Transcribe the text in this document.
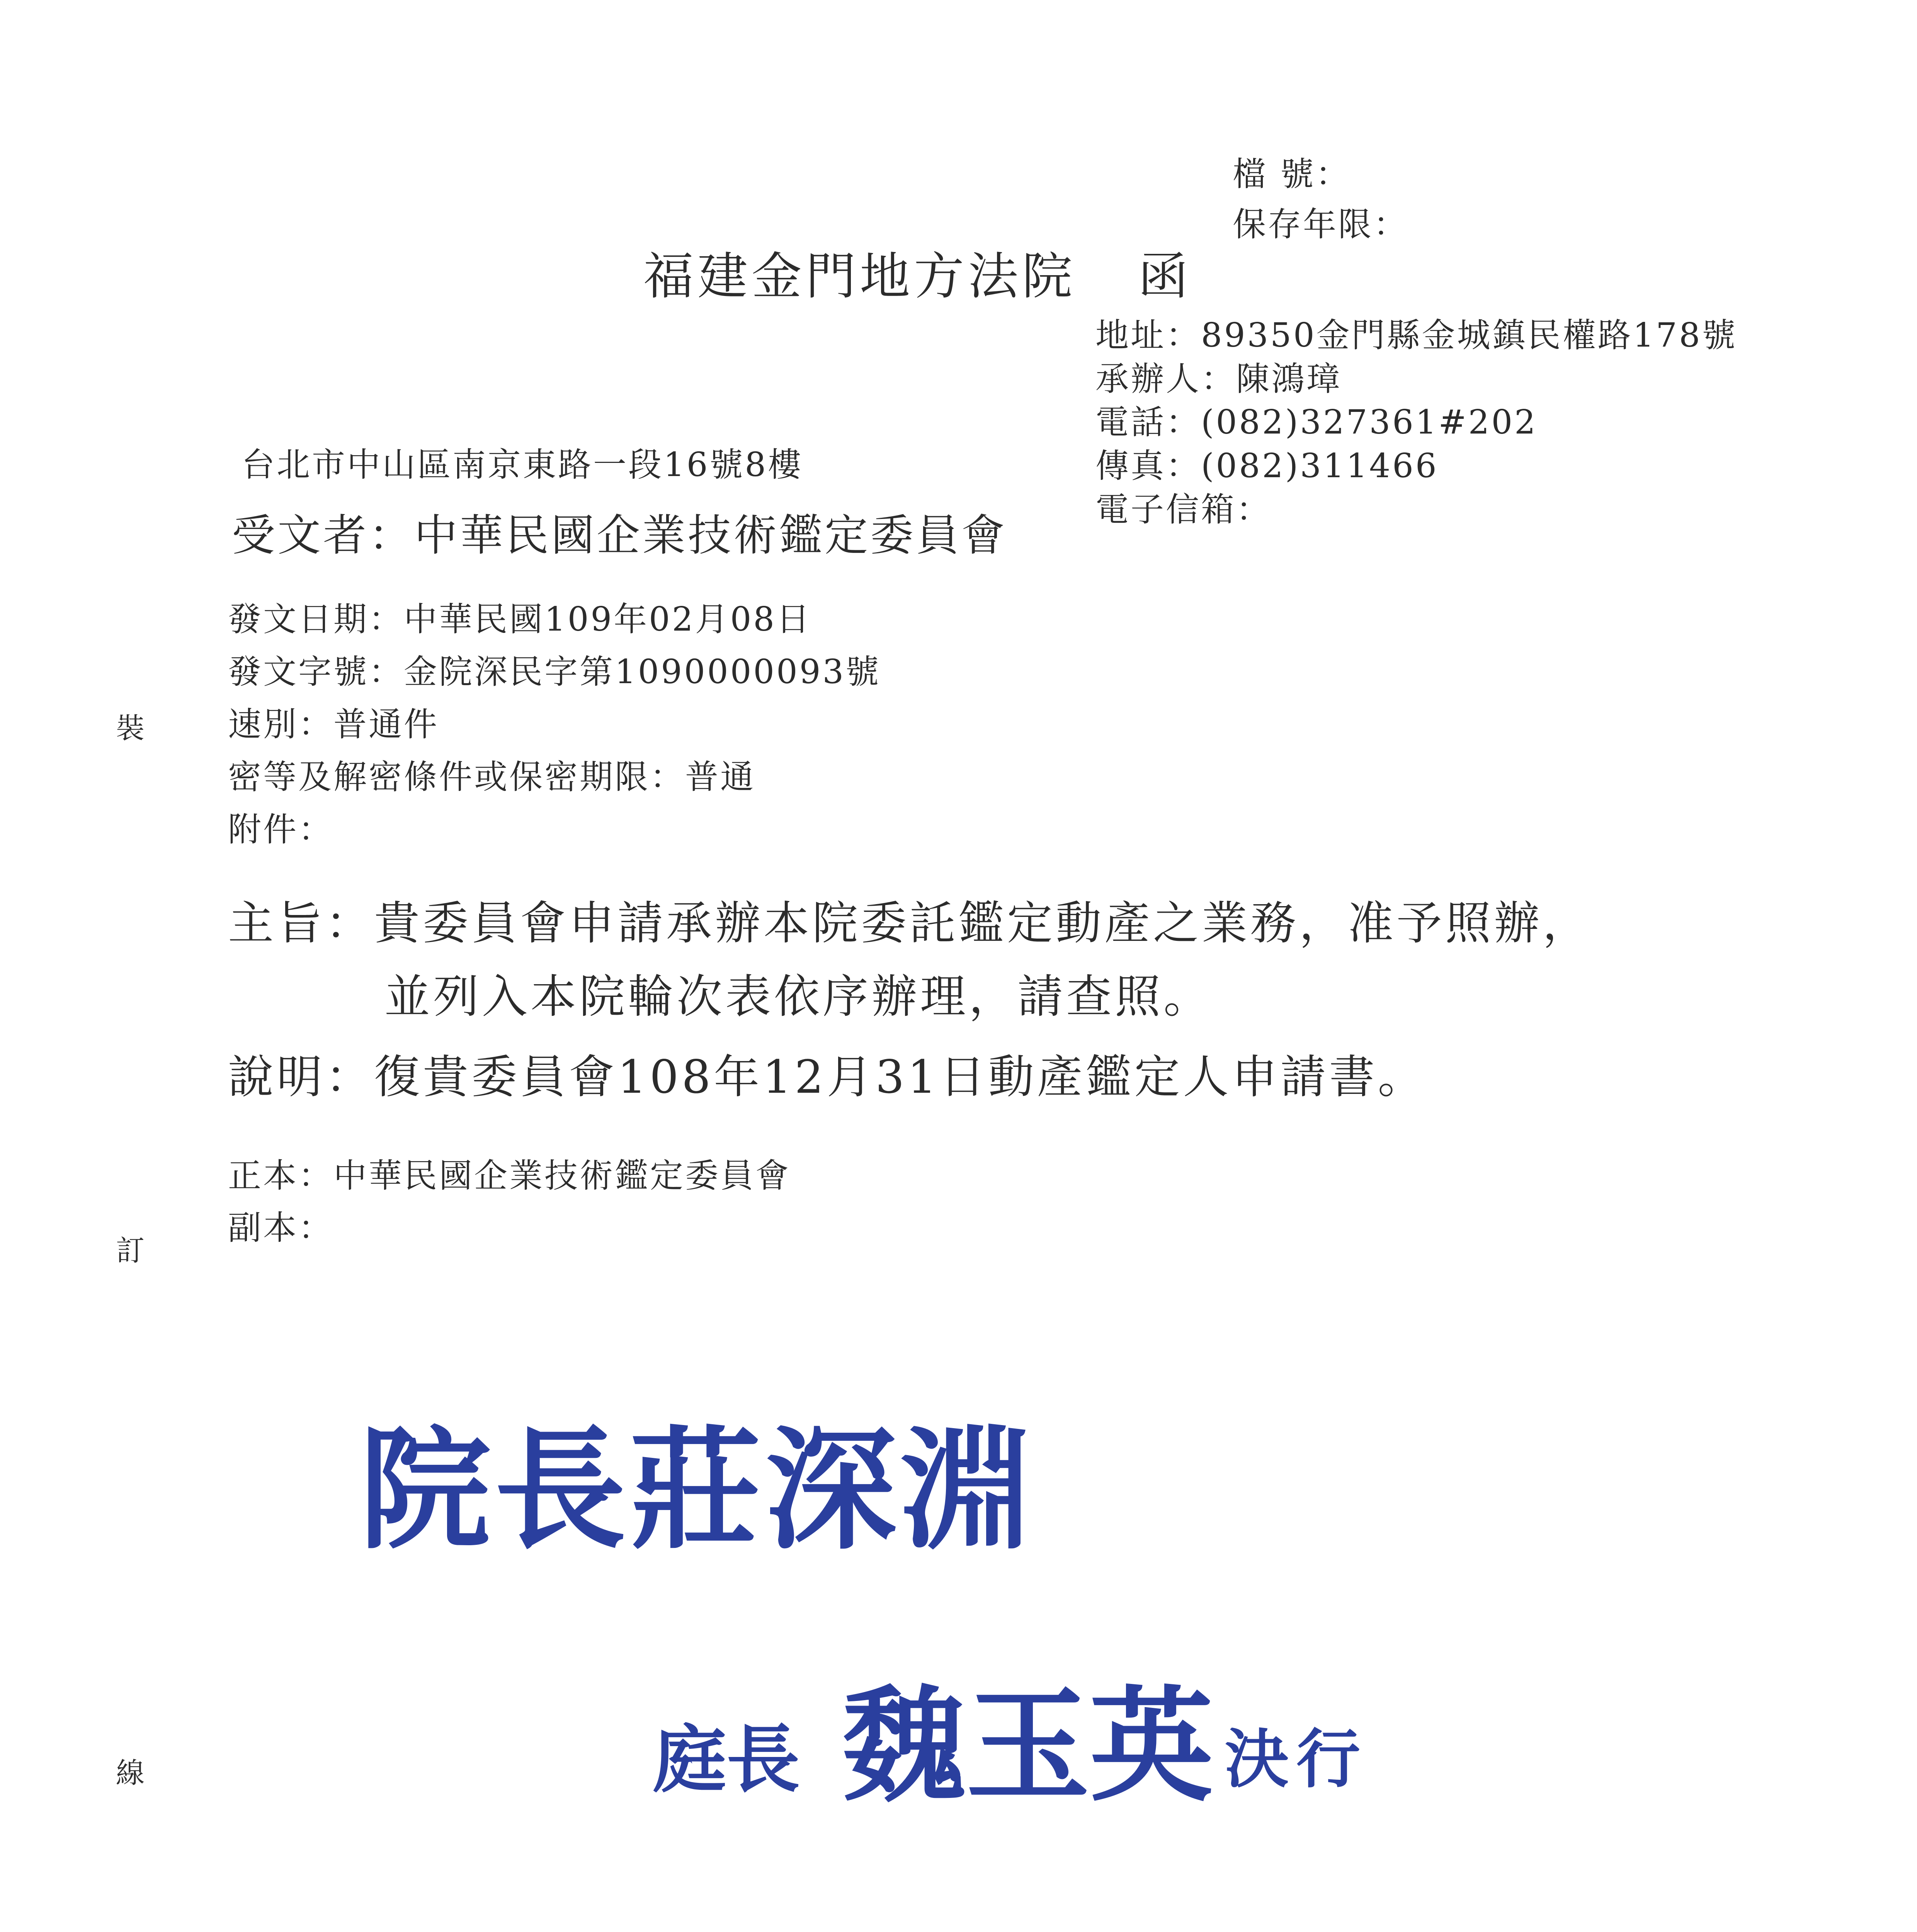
檔 號：
保存年限：
福建金門地方法院 函
地址：89350金門縣金城鎮民權路178號
承辦人：陳鴻璋
電話：(082)327361#202
傳真：(082)311466
電子信箱：
台北市中山區南京東路一段16號8樓
受文者：中華民國企業技術鑑定委員會
發文日期：中華民國109年02月08日
發文字號：金院深民字第1090000093號
速別：普通件
密等及解密條件或保密期限：普通
附件：
主旨：貴委員會申請承辦本院委託鑑定動產之業務，准予照辦，
並列入本院輪次表依序辦理，請查照。
說明：復貴委員會108年12月31日動產鑑定人申請書。
正本：中華民國企業技術鑑定委員會
副本：
裝
訂
線
院長莊深淵
庭長 魏玉英 決行
